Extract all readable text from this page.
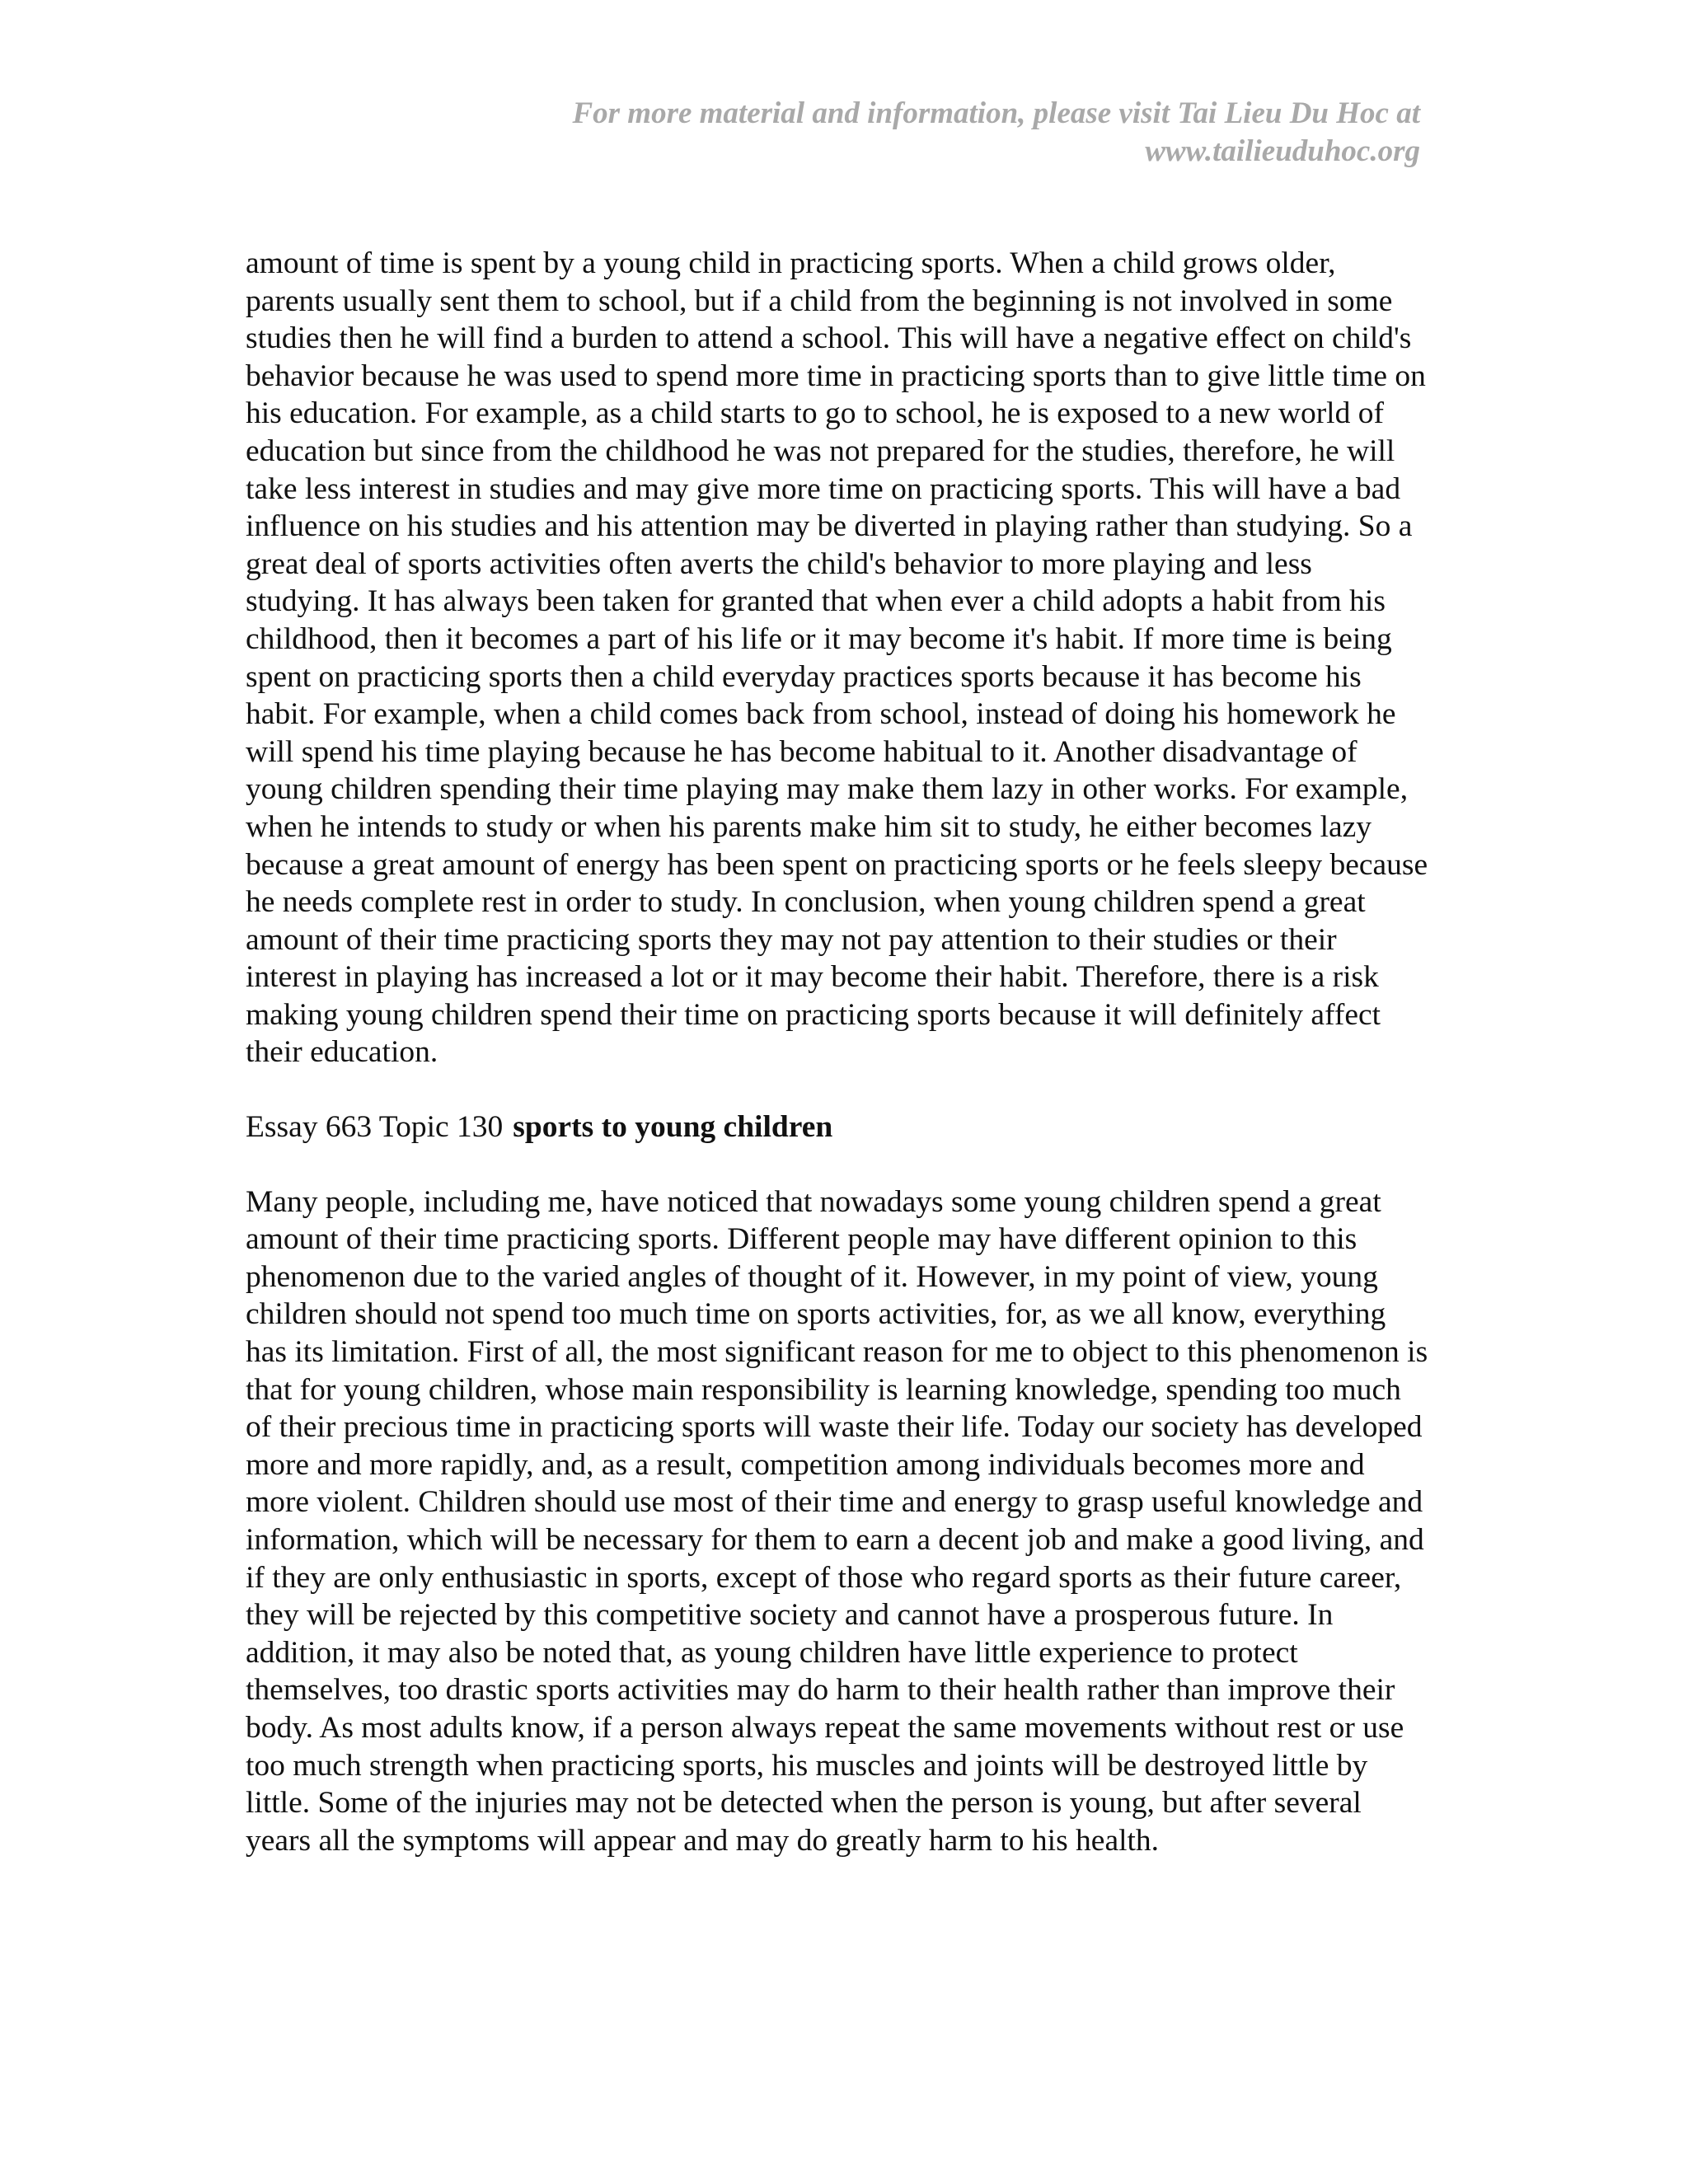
For more material and information, please visit Tai Lieu Du Hoc at
www.tailieuduhoc.org

amount of time is spent by a young child in practicing sports. When a child grows older, parents usually sent them to school, but if a child from the beginning is not involved in some studies then he will find a burden to attend a school. This will have a negative effect on child's behavior because he was used to spend more time in practicing sports than to give little time on his education. For example, as a child starts to go to school, he is exposed to a new world of education but since from the childhood he was not prepared for the studies, therefore, he will take less interest in studies and may give more time on practicing sports. This will have a bad influence on his studies and his attention may be diverted in playing rather than studying. So a great deal of sports activities often averts the child's behavior to more playing and less studying. It has always been taken for granted that when ever a child adopts a habit from his childhood, then it becomes a part of his life or it may become it's habit. If more time is being spent on practicing sports then a child everyday practices sports because it has become his habit. For example, when a child comes back from school, instead of doing his homework he will spend his time playing because he has become habitual to it. Another disadvantage of young children spending their time playing may make them lazy in other works. For example, when he intends to study or when his parents make him sit to study, he either becomes lazy because a great amount of energy has been spent on practicing sports or he feels sleepy because he needs complete rest in order to study. In conclusion, when young children spend a great amount of their time practicing sports they may not pay attention to their studies or their interest in playing has increased a lot or it may become their habit. Therefore, there is a risk making young children spend their time on practicing sports because it will definitely affect their education.

Essay 663 Topic 130 sports to young children

Many people, including me, have noticed that nowadays some young children spend a great amount of their time practicing sports. Different people may have different opinion to this phenomenon due to the varied angles of thought of it. However, in my point of view, young children should not spend too much time on sports activities, for, as we all know, everything has its limitation. First of all, the most significant reason for me to object to this phenomenon is that for young children, whose main responsibility is learning knowledge, spending too much of their precious time in practicing sports will waste their life. Today our society has developed more and more rapidly, and, as a result, competition among individuals becomes more and more violent. Children should use most of their time and energy to grasp useful knowledge and information, which will be necessary for them to earn a decent job and make a good living, and if they are only enthusiastic in sports, except of those who regard sports as their future career, they will be rejected by this competitive society and cannot have a prosperous future. In addition, it may also be noted that, as young children have little experience to protect themselves, too drastic sports activities may do harm to their health rather than improve their body. As most adults know, if a person always repeat the same movements without rest or use too much strength when practicing sports, his muscles and joints will be destroyed little by little. Some of the injuries may not be detected when the person is young, but after several years all the symptoms will appear and may do greatly harm to his health.
